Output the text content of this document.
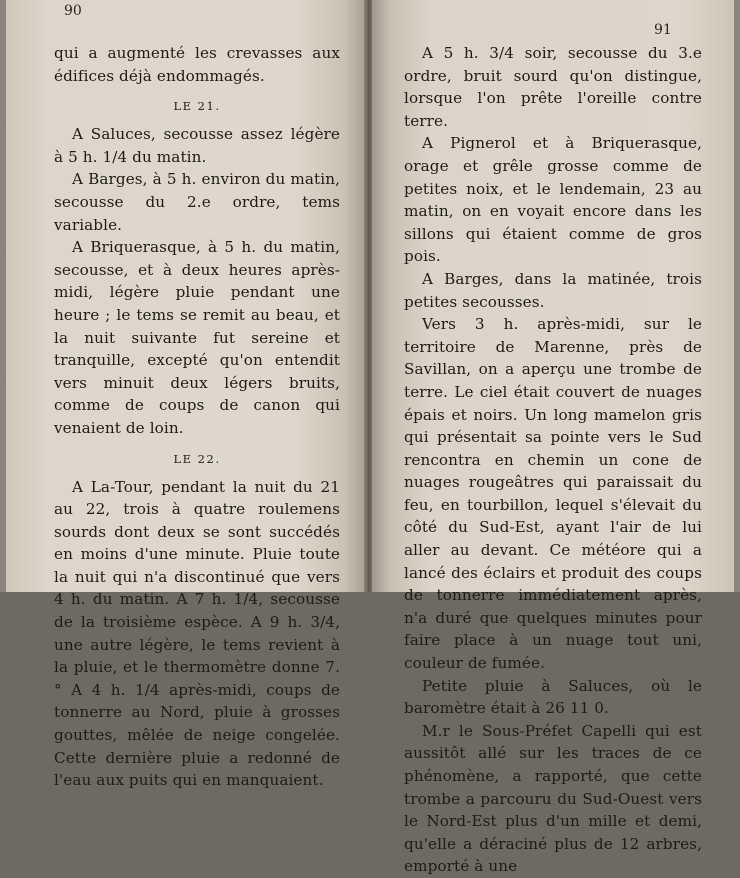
90

qui a augmenté les crevasses aux édifices déjà endommagés.

LE 21.

A Saluces, secousse assez légère à 5 h. 1/4 du matin.

A Barges, à 5 h. environ du matin, secousse du 2.e ordre, tems variable.

A Briquerasque, à 5 h. du matin, secousse, et à deux heures après-midi, légère pluie pendant une heure ; le tems se remit au beau, et la nuit suivante fut sereine et tranquille, excepté qu'on entendit vers minuit deux légers bruits, comme de coups de canon qui venaient de loin.

LE 22.

A La-Tour, pendant la nuit du 21 au 22, trois à quatre roulemens sourds dont deux se sont succédés en moins d'une minute. Pluie toute la nuit qui n'a discontinué que vers 4 h. du matin. A 7 h. 1/4, secousse de la troisième espèce. A 9 h. 3/4, une autre légère, le tems revient à la pluie, et le thermomètre donne 7.° A 4 h. 1/4 après-midi, coups de tonnerre au Nord, pluie à grosses gouttes, mêlée de neige congelée. Cette dernière pluie a redonné de l'eau aux puits qui en manquaient.

91

A 5 h. 3/4 soir, secousse du 3.e ordre, bruit sourd qu'on distingue, lorsque l'on prête l'oreille contre terre.

A Pignerol et à Briquerasque, orage et grêle grosse comme de petites noix, et le lendemain, 23 au matin, on en voyait encore dans les sillons qui étaient comme de gros pois.

A Barges, dans la matinée, trois petites secousses.

Vers 3 h. après-midi, sur le territoire de Marenne, près de Savillan, on a aperçu une trombe de terre. Le ciel était couvert de nuages épais et noirs. Un long mamelon gris qui présentait sa pointe vers le Sud rencontra en chemin un cone de nuages rougeâtres qui paraissait du feu, en tourbillon, lequel s'élevait du côté du Sud-Est, ayant l'air de lui aller au devant. Ce météore qui a lancé des éclairs et produit des coups de tonnerre immédiatement après, n'a duré que quelques minutes pour faire place à un nuage tout uni, couleur de fumée.

Petite pluie à Saluces, où le baromètre était à 26 11 0.

M.r le Sous-Préfet Capelli qui est aussitôt allé sur les traces de ce phénomène, a rapporté, que cette trombe a parcouru du Sud-Ouest vers le Nord-Est plus d'un mille et demi, qu'elle a déraciné plus de 12 arbres, emporté à une
